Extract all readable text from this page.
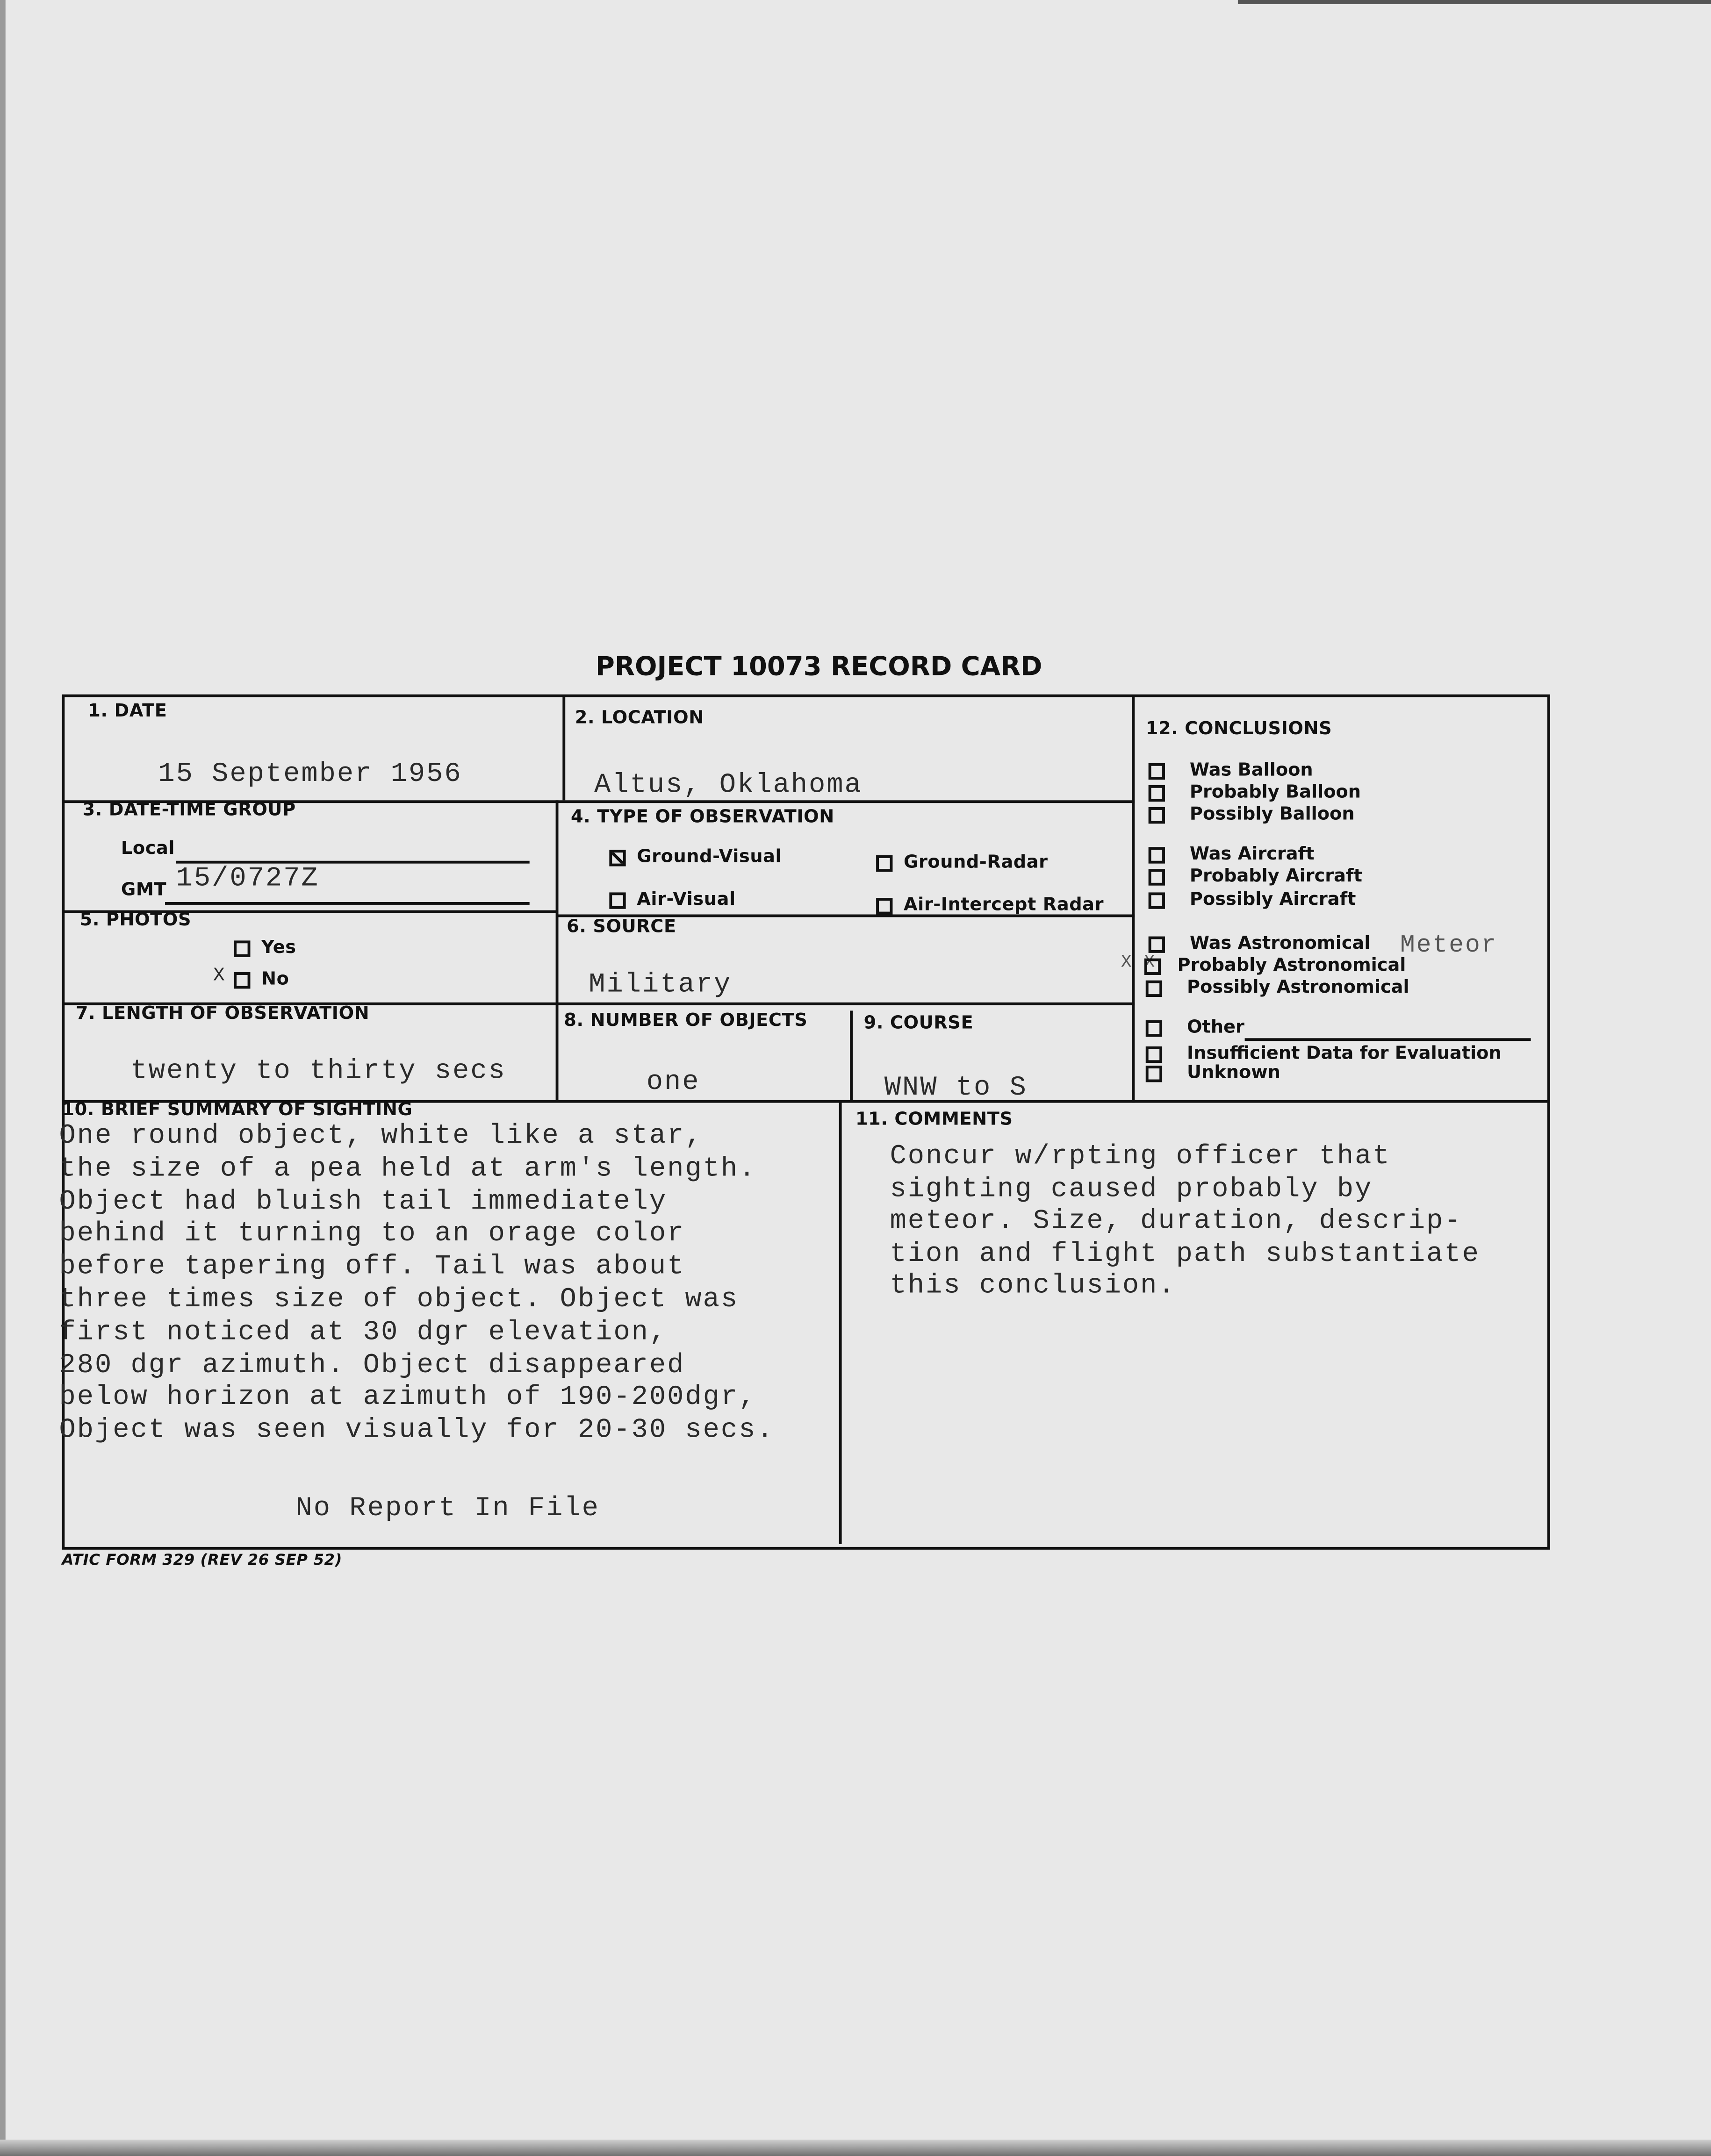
PROJECT 10073 RECORD CARD
1. DATE
15 September 1956
2. LOCATION
Altus, Oklahoma
3. DATE-TIME GROUP
Local
GMT 15/0727Z
4. TYPE OF OBSERVATION
Ground-Visual	Ground-Radar
Air-Visual	Air-Intercept Radar
5. PHOTOS
Yes
X	No
6. SOURCE
Military
7. LENGTH OF OBSERVATION
twenty to thirty secs
8. NUMBER OF OBJECTS
one
9. COURSE
WNW to S
10. BRIEF SUMMARY OF SIGHTING
One round object, white like a star,
the size of a pea held at arm's length.
Object had bluish tail immediately
behind it turning to an orage color
before tapering off. Tail was about
three times size of object. Object was
first noticed at 30 dgr elevation,
280 dgr azimuth. Object disappeared
below horizon at azimuth of 190-200dgr,
Object was seen visually for 20-30 secs.
No Report In File
11. COMMENTS
Concur w/rpting officer that
sighting caused probably by
meteor. Size, duration, descrip-
tion and flight path substantiate
this conclusion.
12. CONCLUSIONS
Was Balloon
Probably Balloon
Possibly Balloon
Was Aircraft
Probably Aircraft
Possibly Aircraft
Was Astronomical	Meteor
XX	Probably Astronomical
Possibly Astronomical
Other
Insufficient Data for Evaluation
Unknown
ATIC FORM 329 (REV 26 SEP 52)
